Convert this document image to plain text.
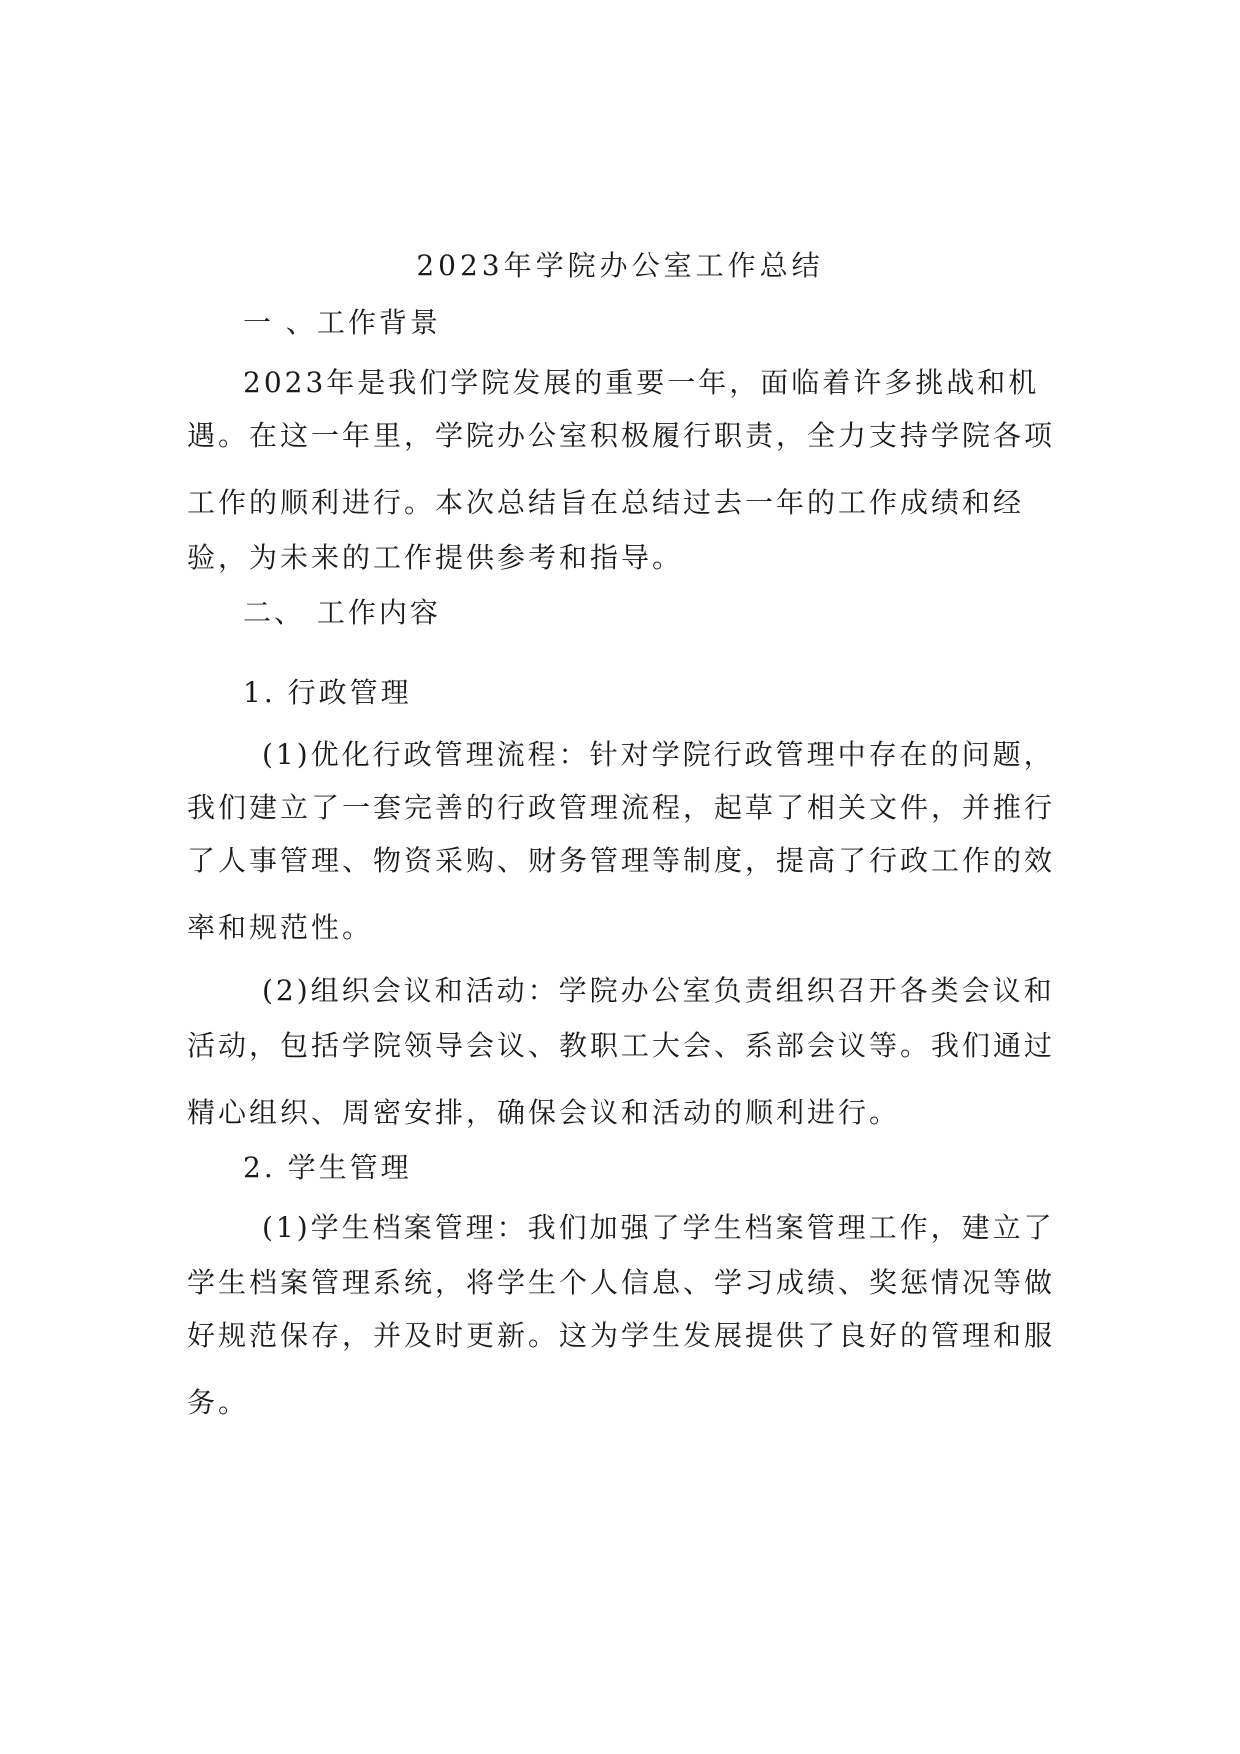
2023年学院办公室工作总结
一 、工作背景
2023年是我们学院发展的重要一年，面临着许多挑战和机
遇。在这一年里，学院办公室积极履行职责，全力支持学院各项
工作的顺利进行。本次总结旨在总结过去一年的工作成绩和经
验，为未来的工作提供参考和指导。
二、 工作内容
1. 行政管理
(1)优化行政管理流程：针对学院行政管理中存在的问题，
我们建立了一套完善的行政管理流程，起草了相关文件，并推行
了人事管理、物资采购、财务管理等制度，提高了行政工作的效
率和规范性。
(2)组织会议和活动：学院办公室负责组织召开各类会议和
活动，包括学院领导会议、教职工大会、系部会议等。我们通过
精心组织、周密安排，确保会议和活动的顺利进行。
2. 学生管理
(1)学生档案管理：我们加强了学生档案管理工作，建立了
学生档案管理系统，将学生个人信息、学习成绩、奖惩情况等做
好规范保存，并及时更新。这为学生发展提供了良好的管理和服
务。
